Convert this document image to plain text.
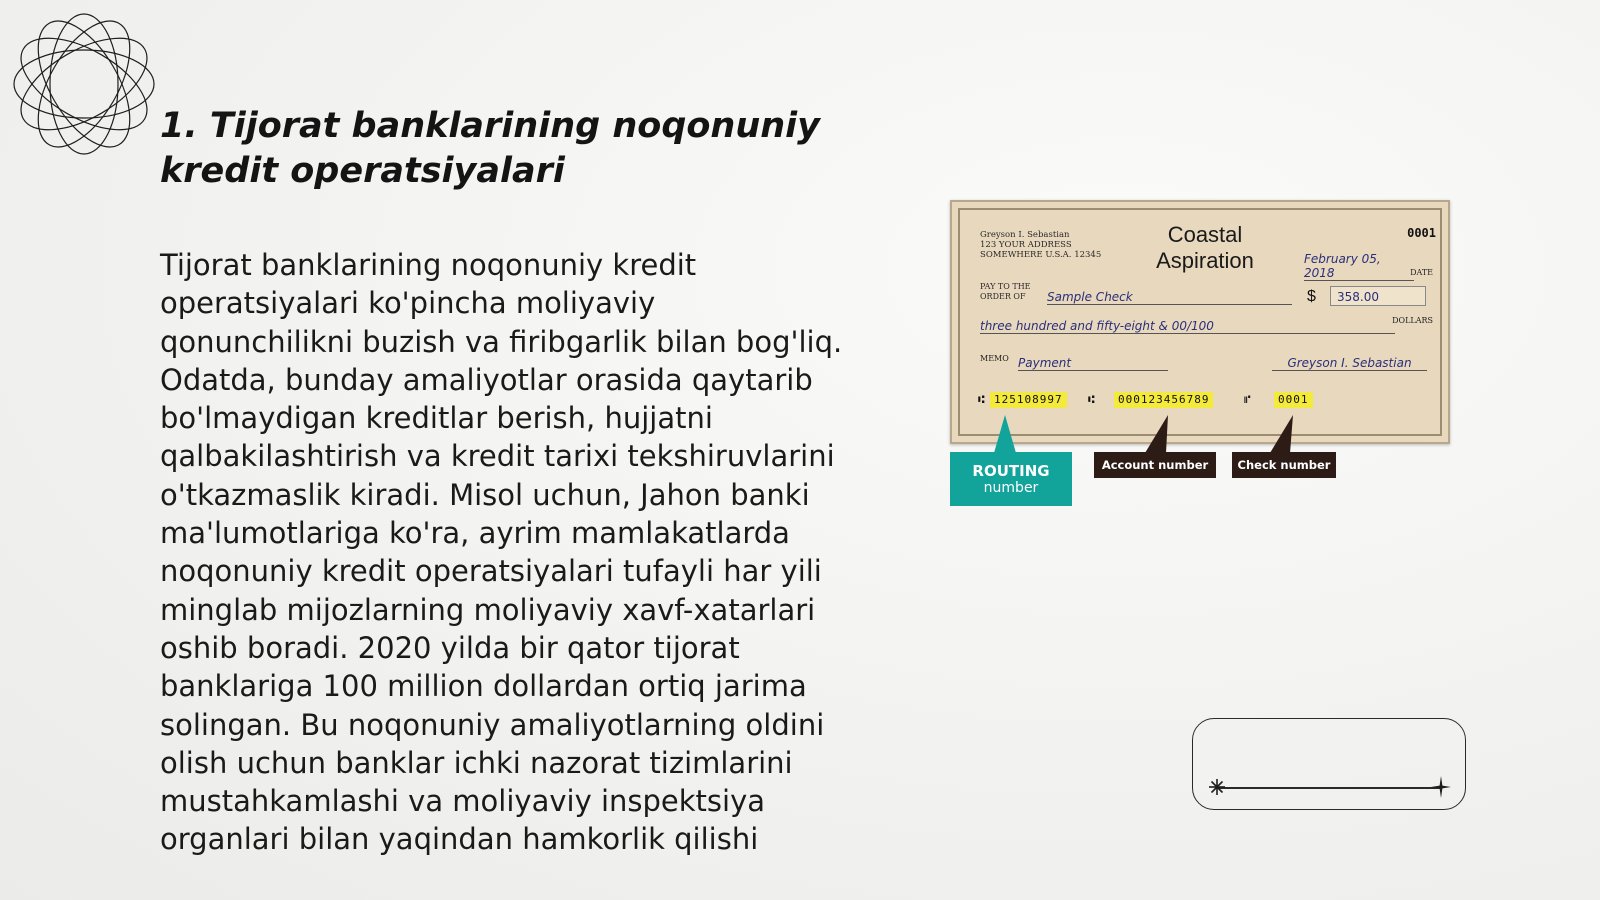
1. Tijorat banklarining noqonuniy kredit operatsiyalari

Tijorat banklarining noqonuniy kredit operatsiyalari ko'pincha moliyaviy qonunchilikni buzish va firibgarlik bilan bog'liq. Odatda, bunday amaliyotlar orasida qaytarib bo'lmaydigan kreditlar berish, hujjatni qalbakilashtirish va kredit tarixi tekshiruvlarini o'tkazmaslik kiradi. Misol uchun, Jahon banki ma'lumotlariga ko'ra, ayrim mamlakatlarda noqonuniy kredit operatsiyalari tufayli har yili minglab mijozlarning moliyaviy xavf-xatarlari oshib boradi. 2020 yilda bir qator tijorat banklariga 100 million dollardan ortiq jarima solingan. Bu noqonuniy amaliyotlarning oldini olish uchun banklar ichki nazorat tizimlarini mustahkamlashi va moliyaviy inspektsiya organlari bilan yaqindan hamkorlik qilishi

Greyson I. Sebastian
123 YOUR ADDRESS
SOMEWHERE U.S.A. 12345
Coastal
Aspiration
0001
February 05, 2018	DATE
PAY TO THE
ORDER OF	Sample Check	$	358.00
three hundred and fifty-eight & 00/100	DOLLARS
MEMO Payment	Greyson I. Sebastian
⑆ 125108997	⑆	000123456789	⑈	0001
ROUTING
number
Account number	Check number
